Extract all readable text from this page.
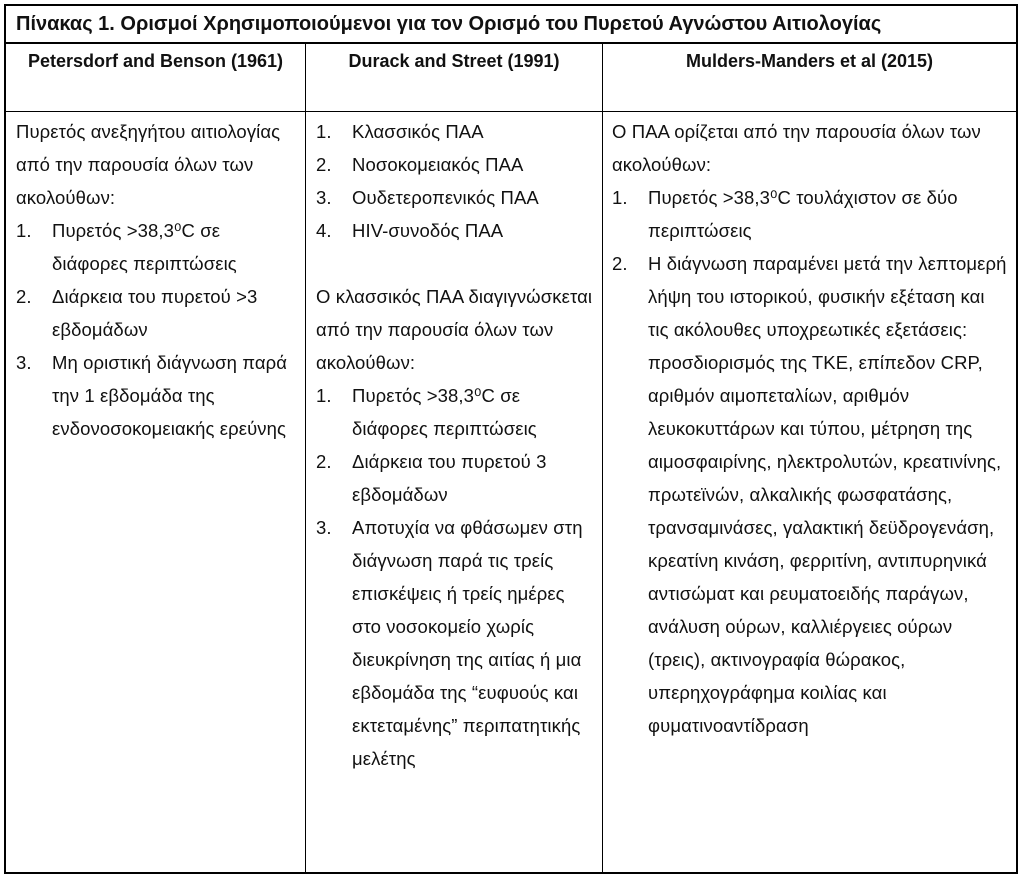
Πίνακας 1. Ορισμοί Χρησιμοποιούμενοι για τον Ορισμό του Πυρετού Αγνώστου Αιτιολογίας
Petersdorf and Benson (1961)	Durack and Street (1991)	Mulders-Manders et al (2015)

Πυρετός ανεξηγήτου αιτιολογίας από την παρουσία όλων των ακολούθων:

1. Πυρετός >38,3⁰C σε διάφορες περιπτώσεις
2. Διάρκεια του πυρετού >3 εβδομάδων
3. Μη οριστική διάγνωση παρά την 1 εβδομάδα της ενδονοσοκομειακής ερεύνης
1. Κλασσικός ΠΑΑ
2. Νοσοκομειακός ΠΑΑ
3. Ουδετεροπενικός ΠΑΑ
4. HIV-συνοδός ΠΑΑ

Ο κλασσικός ΠΑΑ διαγιγνώσκεται από την παρουσία όλων των ακολούθων:

1. Πυρετός >38,3⁰C σε διάφορες περιπτώσεις
2. Διάρκεια του πυρετού 3 εβδομάδων
3. Αποτυχία να φθάσωμεν στη διάγνωση παρά τις τρείς επισκέψεις ή τρείς ημέρες στο νοσοκομείο χωρίς διευκρίνηση της αιτίας ή μια εβδομάδα της “ευφυούς και εκτεταμένης” περιπατητικής μελέτης

Ο ΠΑΑ ορίζεται από την παρουσία όλων των ακολούθων:

1. Πυρετός >38,3⁰C τουλάχιστον σε δύο περιπτώσεις
2. Η διάγνωση παραμένει μετά την λεπτομερή λήψη του ιστορικού, φυσικήν εξέταση και τις ακόλουθες υποχρεωτικές εξετάσεις: προσδιορισμός της ΤΚΕ, επίπεδον CRP, αριθμόν αιμοπεταλίων, αριθμόν λευκοκυττάρων και τύπου, μέτρηση της αιμοσφαιρίνης, ηλεκτρολυτών, κρεατινίνης, πρωτεϊνών, αλκαλικής φωσφατάσης, τρανσαμινάσες, γαλακτική δεϋδρογενάση, κρεατίνη κινάση, φερριτίνη, αντιπυρηνικά αντισώματ και ρευματοειδής παράγων, ανάλυση ούρων, καλλιέργειες ούρων (τρεις), ακτινογραφία θώρακος, υπερηχογράφημα κοιλίας και φυματινοαντίδραση
